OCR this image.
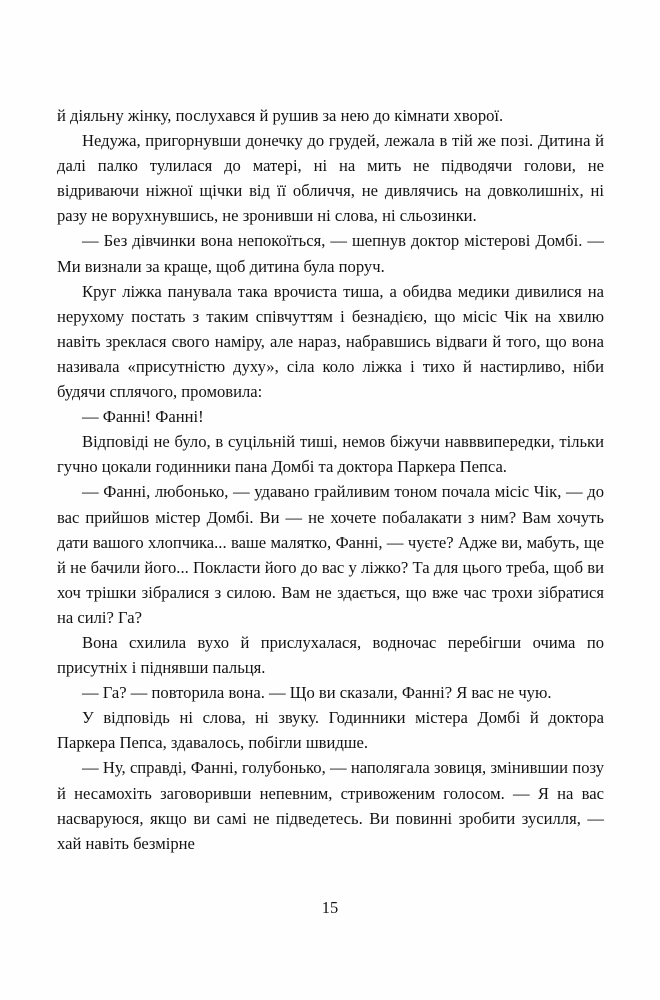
й діяльну жінку, послухався й рушив за нею до кімнати хворої.

Недужа, пригорнувши донечку до грудей, лежала в тій же позі. Дитина й далі палко тулилася до матері, ні на мить не підводячи голови, не відриваючи ніжної щічки від її обличчя, не дивлячись на довколишніх, ні разу не ворухнувшись, не зронивши ні слова, ні сльозинки.

— Без дівчинки вона непокоїться, — шепнув доктор містерові Домбі. — Ми визнали за краще, щоб дитина була поруч.

Круг ліжка панувала така врочиста тиша, а обидва медики дивилися на нерухому постать з таким співчуттям і безнадією, що місіс Чік на хвилю навіть зреклася свого наміру, але нараз, набравшись відваги й того, що вона називала «присутністю духу», сіла коло ліжка і тихо й настирливо, ніби будячи сплячого, промовила:

— Фанні! Фанні!

Відповіді не було, в суцільній тиші, немов біжучи навввипередки, тільки гучно цокали годинники пана Домбі та доктора Паркера Пепса.

— Фанні, любонько, — удавано грайливим тоном почала місіс Чік, — до вас прийшов містер Домбі. Ви — не хочете побалакати з ним? Вам хочуть дати вашого хлопчика... ваше малятко, Фанні, — чуєте? Адже ви, мабуть, ще й не бачили його... Покласти його до вас у ліжко? Та для цього треба, щоб ви хоч трішки зібралися з силою. Вам не здається, що вже час трохи зібратися на силі? Га?

Вона схилила вухо й прислухалася, водночас перебігши очима по присутніх і піднявши пальця.

— Га? — повторила вона. — Що ви сказали, Фанні? Я вас не чую.

У відповідь ні слова, ні звуку. Годинники містера Домбі й доктора Паркера Пепса, здавалось, побігли швидше.

— Ну, справді, Фанні, голубонько, — наполягала зовиця, змінившии позу й несамохіть заговоривши непевним, стривоженим голосом. — Я на вас насваруюся, якщо ви самі не підведетесь. Ви повинні зробити зусилля, — хай навіть безмірне

15
